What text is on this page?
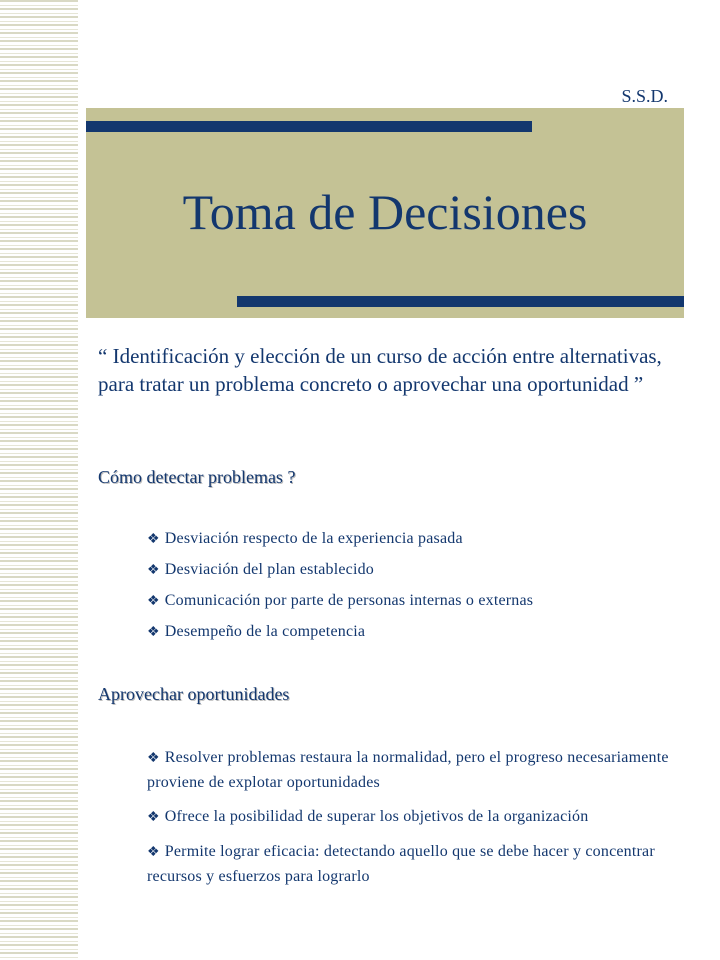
S.S.D.
Toma de Decisiones
“ Identificación y elección de un curso de acción entre alternativas, para tratar un problema concreto o aprovechar una oportunidad ”
Cómo detectar problemas ?
❖ Desviación respecto de la experiencia pasada
❖ Desviación del plan establecido
❖ Comunicación por parte de personas internas o externas
❖ Desempeño de la competencia
Aprovechar oportunidades
❖ Resolver problemas restaura la normalidad, pero el progreso necesariamente proviene de explotar oportunidades
❖ Ofrece la posibilidad de superar los objetivos de la organización
❖ Permite lograr eficacia: detectando aquello que se debe hacer y concentrar recursos y esfuerzos para lograrlo
